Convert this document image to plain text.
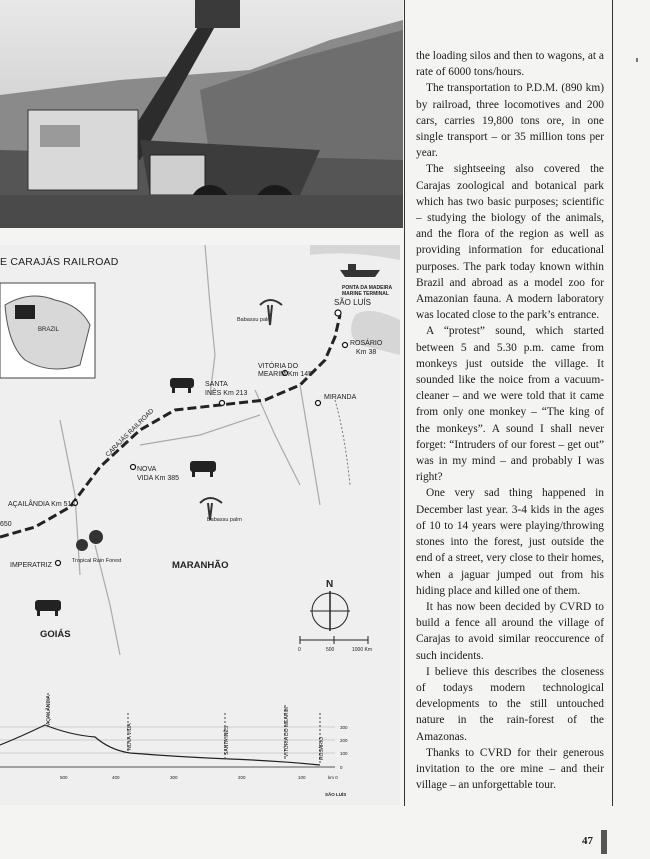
E CARAJÁS RAILROAD
BRAZIL
PONTA DA MADEIRA
MARINE TERMINAL
SÃO LUÍS
ROSÁRIO
Km 38
VITÓRIA DO
MEARIM Km 145
SANTA
INÊS Km 213
MIRANDA
NOVA
VIDA Km 385
AÇAILÂNDIA Km 514
650
IMPERATRIZ
Babassu palm
Babassu palm
Tropical Rain Forest	MARANHÃO
GOIÁS
CARAJÁS RAILROAD
N
0	500	1000 Km
AÇAILÂNDIA
NOVA VIDA	SANTA INÊS	VITÓRIA DO MEARIM	ROSÁRIO
300
200
100
0
500	400	300	200	100	km 0
SÃO LUÍS

the loading silos and then to wagons, at a rate of 6000 tons/hours.

The transportation to P.D.M. (890 km) by railroad, three locomotives and 200 cars, carries 19,800 tons ore, in one single transport – or 35 million tons per year.

The sightseeing also covered the Carajas zoological and botanical park which has two basic purposes; scientific – studying the biology of the animals, and the flora of the region as well as providing information for educational purposes. The park today known within Brazil and abroad as a model zoo for Amazonian fauna. A modern laboratory was located close to the park’s entrance.

A “protest” sound, which started between 5 and 5.30 p.m. came from monkeys just outside the village. It sounded like the noice from a vacuum-cleaner – and we were told that it came from only one monkey – “The king of the monkeys”. A sound I shall never forget: “Intruders of our forest – get out” was in my mind – and probably I was right?

One very sad thing happened in December last year. 3-4 kids in the ages of 10 to 14 years were playing/throwing stones into the forest, just outside the end of a street, very close to their homes, when a jaguar jumped out from his hiding place and killed one of them.

It has now been decided by CVRD to build a fence all around the village of Carajas to avoid similar reoccurence of such incidents.

I believe this describes the closeness of todays modern technological developments to the still untouched nature in the rain-forest of the Amazonas.

Thanks to CVRD for their generous invitation to the ore mine – and their village – an unforgettable tour.

47
